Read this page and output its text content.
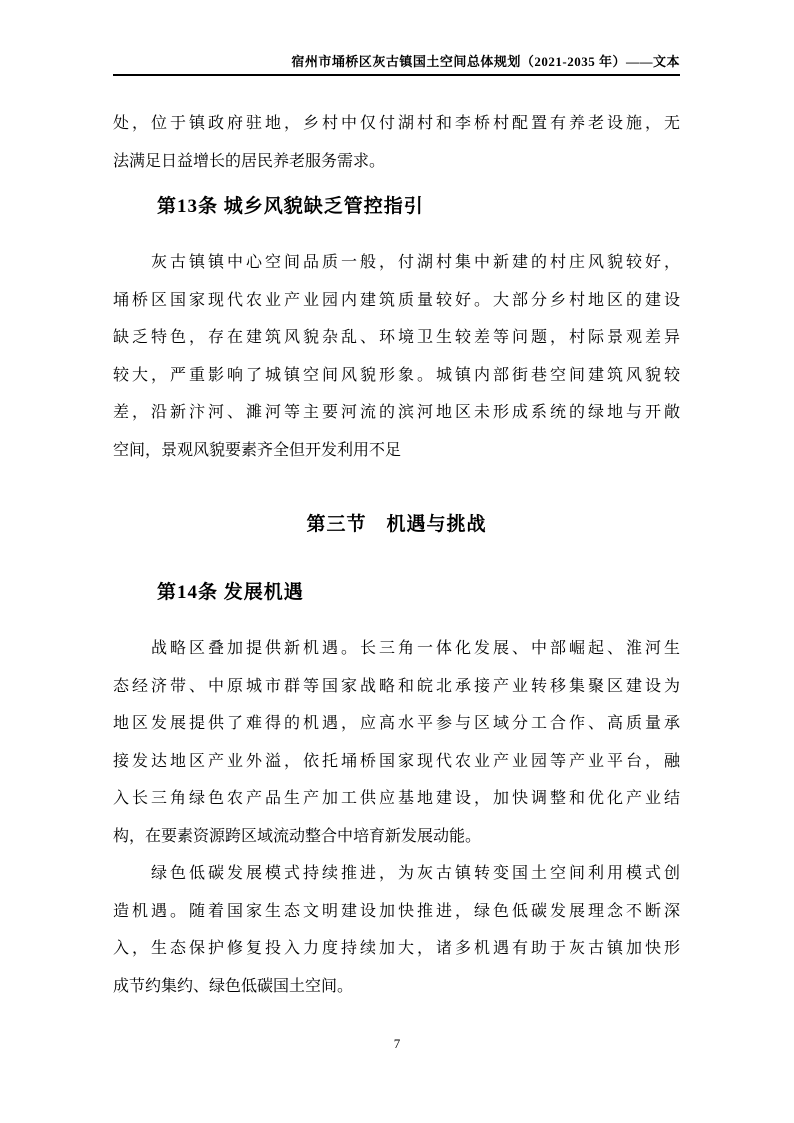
宿州市埇桥区灰古镇国土空间总体规划（2021-2035 年）——文本

处，位于镇政府驻地，乡村中仅付湖村和李桥村配置有养老设施，无

法满足日益增长的居民养老服务需求。

第13条 城乡风貌缺乏管控指引

灰古镇镇中心空间品质一般，付湖村集中新建的村庄风貌较好，

埇桥区国家现代农业产业园内建筑质量较好。大部分乡村地区的建设

缺乏特色，存在建筑风貌杂乱、环境卫生较差等问题，村际景观差异

较大，严重影响了城镇空间风貌形象。城镇内部街巷空间建筑风貌较

差，沿新汴河、濉河等主要河流的滨河地区未形成系统的绿地与开敞

空间，景观风貌要素齐全但开发利用不足

第三节　机遇与挑战
第14条 发展机遇

战略区叠加提供新机遇。长三角一体化发展、中部崛起、淮河生

态经济带、中原城市群等国家战略和皖北承接产业转移集聚区建设为

地区发展提供了难得的机遇，应高水平参与区域分工合作、高质量承

接发达地区产业外溢，依托埇桥国家现代农业产业园等产业平台，融

入长三角绿色农产品生产加工供应基地建设，加快调整和优化产业结

构，在要素资源跨区域流动整合中培育新发展动能。

绿色低碳发展模式持续推进，为灰古镇转变国土空间利用模式创

造机遇。随着国家生态文明建设加快推进，绿色低碳发展理念不断深

入，生态保护修复投入力度持续加大，诸多机遇有助于灰古镇加快形

成节约集约、绿色低碳国土空间。

7
